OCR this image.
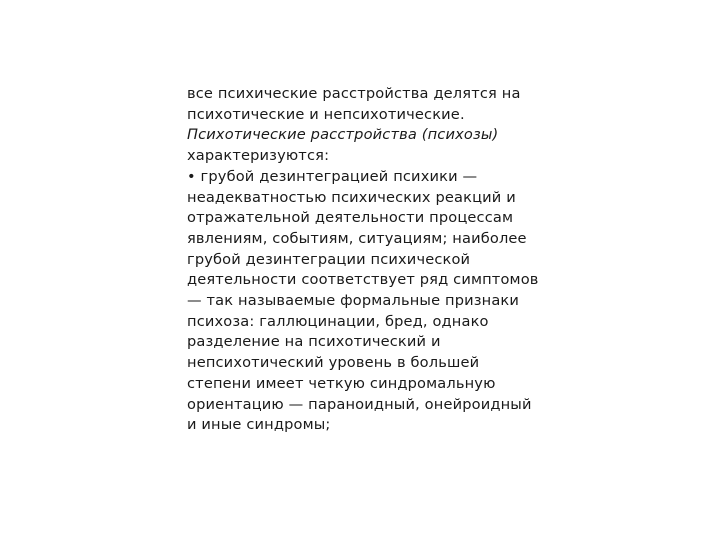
все психические расстройства делятся на
психотические и непсихотические.
Психотические расстройства (психозы)
характеризуются:
• грубой дезинтеграцией психики —
неадекватностью психических реакций и
отражательной деятельности процессам
явлениям, событиям, ситуациям; наиболее
грубой дезинтеграции психической
деятельности соответствует ряд симптомов
— так называемые формальные признаки
психоза: галлюцинации, бред, однако
разделение на психотический и
непсихотический уровень в большей
степени имеет четкую синдромальную
ориентацию — параноидный, онейроидный
и иные синдромы;
